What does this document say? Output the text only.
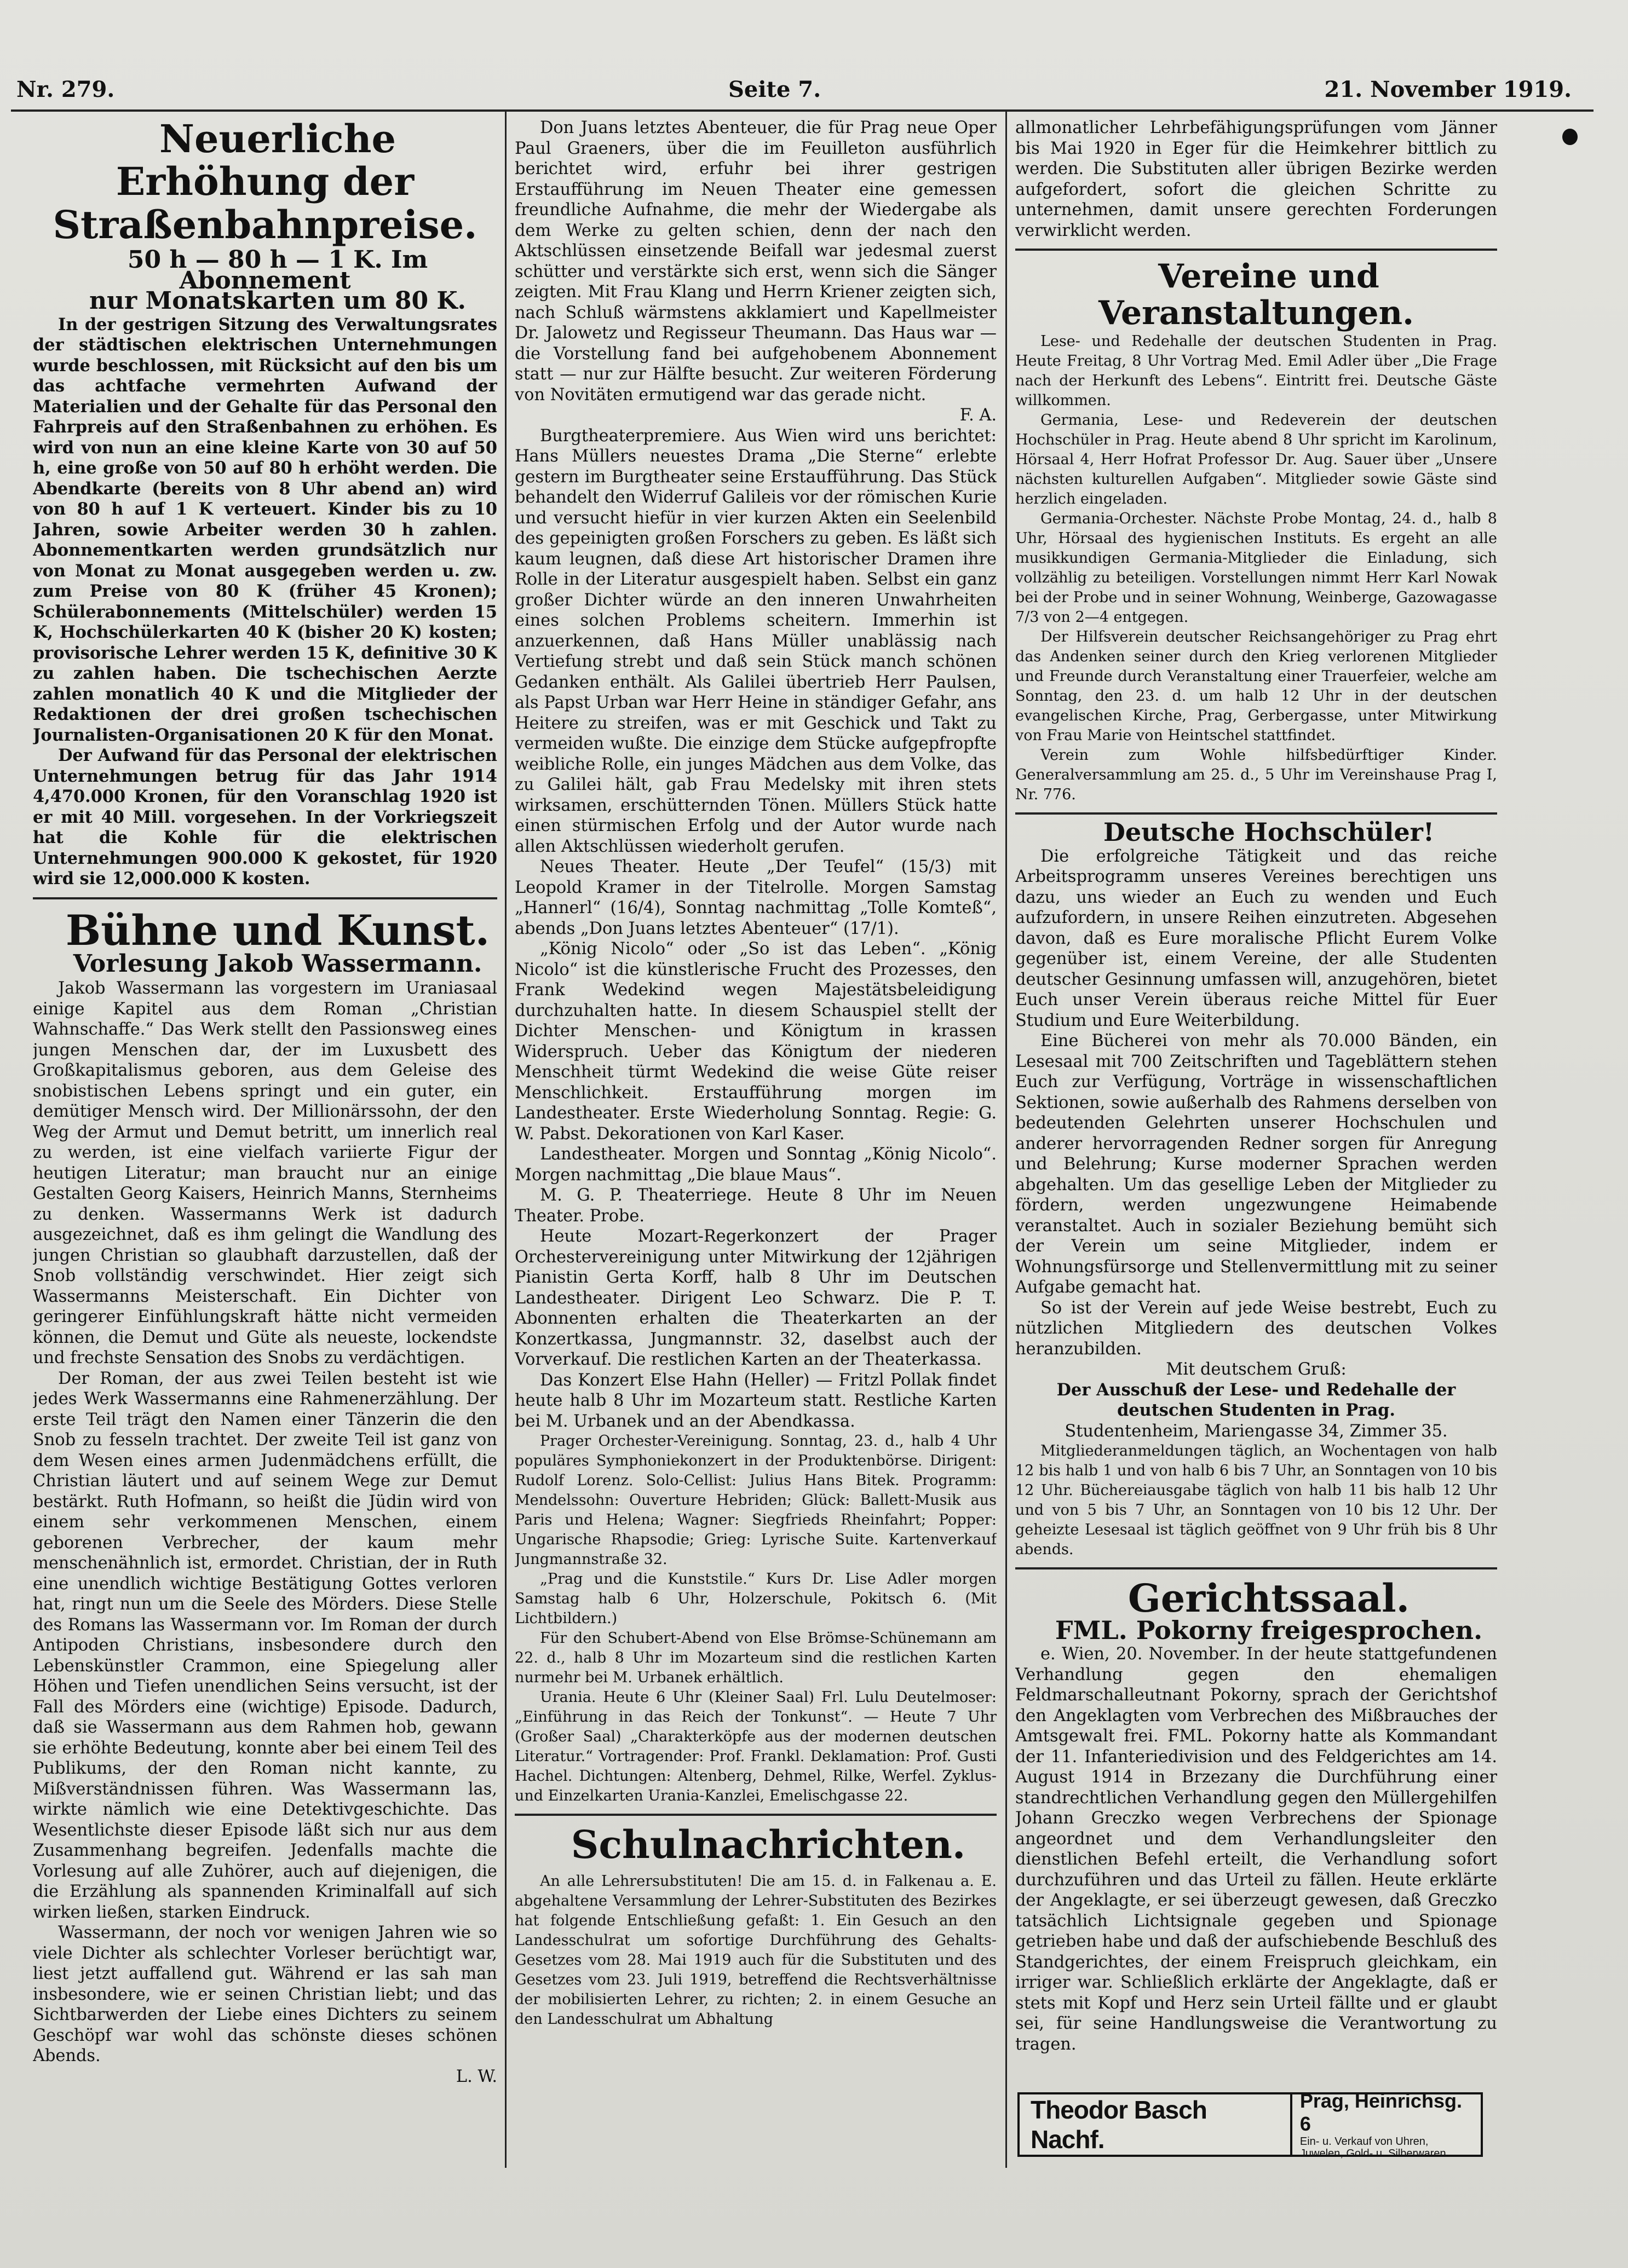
Nr. 279.	Seite 7.	21. November 1919.

Neuerliche Erhöhung der Straßenbahnpreise.

50 h — 80 h — 1 K. Im Abonnement

nur Monatskarten um 80 K.

In der gestrigen Sitzung des Verwaltungsrates der städtischen elektrischen Unternehmungen wurde beschlossen, mit Rücksicht auf den bis um das achtfache vermehrten Aufwand der Materialien und der Gehalte für das Personal den Fahrpreis auf den Straßenbahnen zu erhöhen. Es wird von nun an eine kleine Karte von 30 auf 50 h, eine große von 50 auf 80 h erhöht werden. Die Abendkarte (bereits von 8 Uhr abend an) wird von 80 h auf 1 K verteuert. Kinder bis zu 10 Jahren, sowie Arbeiter werden 30 h zahlen. Abonnementkarten werden grundsätzlich nur von Monat zu Monat ausgegeben werden u. zw. zum Preise von 80 K (früher 45 Kronen); Schülerabonnements (Mittelschüler) werden 15 K, Hochschülerkarten 40 K (bisher 20 K) kosten; provisorische Lehrer werden 15 K, definitive 30 K zu zahlen haben. Die tschechischen Aerzte zahlen monatlich 40 K und die Mitglieder der Redaktionen der drei großen tschechischen Journalisten-Organisationen 20 K für den Monat.

Der Aufwand für das Personal der elektrischen Unternehmungen betrug für das Jahr 1914 4,470.000 Kronen, für den Voranschlag 1920 ist er mit 40 Mill. vorgesehen. In der Vorkriegszeit hat die Kohle für die elektrischen Unternehmungen 900.000 K gekostet, für 1920 wird sie 12,000.000 K kosten.

Bühne und Kunst.

Vorlesung Jakob Wassermann.

Jakob Wassermann las vorgestern im Uraniasaal einige Kapitel aus dem Roman „Christian Wahnschaffe.“ Das Werk stellt den Passionsweg eines jungen Menschen dar, der im Luxusbett des Großkapitalismus geboren, aus dem Geleise des snobistischen Lebens springt und ein guter, ein demütiger Mensch wird. Der Millionärssohn, der den Weg der Armut und Demut betritt, um innerlich real zu werden, ist eine vielfach variierte Figur der heutigen Literatur; man braucht nur an einige Gestalten Georg Kaisers, Heinrich Manns, Sternheims zu denken. Wassermanns Werk ist dadurch ausgezeichnet, daß es ihm gelingt die Wandlung des jungen Christian so glaubhaft darzustellen, daß der Snob vollständig verschwindet. Hier zeigt sich Wassermanns Meisterschaft. Ein Dichter von geringerer Einfühlungskraft hätte nicht vermeiden können, die Demut und Güte als neueste, lockendste und frechste Sensation des Snobs zu verdächtigen.

Der Roman, der aus zwei Teilen besteht ist wie jedes Werk Wassermanns eine Rahmenerzählung. Der erste Teil trägt den Namen einer Tänzerin die den Snob zu fesseln trachtet. Der zweite Teil ist ganz von dem Wesen eines armen Judenmädchens erfüllt, die Christian läutert und auf seinem Wege zur Demut bestärkt. Ruth Hofmann, so heißt die Jüdin wird von einem sehr verkommenen Menschen, einem geborenen Verbrecher, der kaum mehr menschenähnlich ist, ermordet. Christian, der in Ruth eine unendlich wichtige Bestätigung Gottes verloren hat, ringt nun um die Seele des Mörders. Diese Stelle des Romans las Wassermann vor. Im Roman der durch Antipoden Christians, insbesondere durch den Lebenskünstler Crammon, eine Spiegelung aller Höhen und Tiefen unendlichen Seins versucht, ist der Fall des Mörders eine (wichtige) Episode. Dadurch, daß sie Wassermann aus dem Rahmen hob, gewann sie erhöhte Bedeutung, konnte aber bei einem Teil des Publikums, der den Roman nicht kannte, zu Mißverständnissen führen. Was Wassermann las, wirkte nämlich wie eine Detektivgeschichte. Das Wesentlichste dieser Episode läßt sich nur aus dem Zusammenhang begreifen. Jedenfalls machte die Vorlesung auf alle Zuhörer, auch auf diejenigen, die die Erzählung als spannenden Kriminalfall auf sich wirken ließen, starken Eindruck.

Wassermann, der noch vor wenigen Jahren wie so viele Dichter als schlechter Vorleser berüchtigt war, liest jetzt auffallend gut. Während er las sah man insbesondere, wie er seinen Christian liebt; und das Sichtbarwerden der Liebe eines Dichters zu seinem Geschöpf war wohl das schönste dieses schönen Abends.

L. W.

Don Juans letztes Abenteuer, die für Prag neue Oper Paul Graeners, über die im Feuilleton ausführlich berichtet wird, erfuhr bei ihrer gestrigen Erstaufführung im Neuen Theater eine gemessen freundliche Aufnahme, die mehr der Wiedergabe als dem Werke zu gelten schien, denn der nach den Aktschlüssen einsetzende Beifall war jedesmal zuerst schütter und verstärkte sich erst, wenn sich die Sänger zeigten. Mit Frau Klang und Herrn Kriener zeigten sich, nach Schluß wärmstens akklamiert und Kapellmeister Dr. Jalowetz und Regisseur Theumann. Das Haus war — die Vorstellung fand bei aufgehobenem Abonnement statt — nur zur Hälfte besucht. Zur weiteren Förderung von Novitäten ermutigend war das gerade nicht.

F. A.

Burgtheaterpremiere. Aus Wien wird uns berichtet: Hans Müllers neuestes Drama „Die Sterne“ erlebte gestern im Burgtheater seine Erstaufführung. Das Stück behandelt den Widerruf Galileis vor der römischen Kurie und versucht hiefür in vier kurzen Akten ein Seelenbild des gepeinigten großen Forschers zu geben. Es läßt sich kaum leugnen, daß diese Art historischer Dramen ihre Rolle in der Literatur ausgespielt haben. Selbst ein ganz großer Dichter würde an den inneren Unwahrheiten eines solchen Problems scheitern. Immerhin ist anzuerkennen, daß Hans Müller unablässig nach Vertiefung strebt und daß sein Stück manch schönen Gedanken enthält. Als Galilei übertrieb Herr Paulsen, als Papst Urban war Herr Heine in ständiger Gefahr, ans Heitere zu streifen, was er mit Geschick und Takt zu vermeiden wußte. Die einzige dem Stücke aufgepfropfte weibliche Rolle, ein junges Mädchen aus dem Volke, das zu Galilei hält, gab Frau Medelsky mit ihren stets wirksamen, erschütternden Tönen. Müllers Stück hatte einen stürmischen Erfolg und der Autor wurde nach allen Aktschlüssen wiederholt gerufen.

Neues Theater. Heute „Der Teufel“ (15/3) mit Leopold Kramer in der Titelrolle. Morgen Samstag „Hannerl“ (16/4), Sonntag nachmittag „Tolle Komteß“, abends „Don Juans letztes Abenteuer“ (17/1).

„König Nicolo“ oder „So ist das Leben“. „König Nicolo“ ist die künstlerische Frucht des Prozesses, den Frank Wedekind wegen Majestätsbeleidigung durchzuhalten hatte. In diesem Schauspiel stellt der Dichter Menschen- und Königtum in krassen Widerspruch. Ueber das Königtum der niederen Menschheit türmt Wedekind die weise Güte reiser Menschlichkeit. Erstaufführung morgen im Landestheater. Erste Wiederholung Sonntag. Regie: G. W. Pabst. Dekorationen von Karl Kaser.

Landestheater. Morgen und Sonntag „König Nicolo“. Morgen nachmittag „Die blaue Maus“.

M. G. P. Theaterriege. Heute 8 Uhr im Neuen Theater. Probe.

Heute Mozart-Regerkonzert der Prager Orchestervereinigung unter Mitwirkung der 12jährigen Pianistin Gerta Korff, halb 8 Uhr im Deutschen Landestheater. Dirigent Leo Schwarz. Die P. T. Abonnenten erhalten die Theaterkarten an der Konzertkassa, Jungmannstr. 32, daselbst auch der Vorverkauf. Die restlichen Karten an der Theaterkassa.

Das Konzert Else Hahn (Heller) — Fritzl Pollak findet heute halb 8 Uhr im Mozarteum statt. Restliche Karten bei M. Urbanek und an der Abendkassa.

Prager Orchester-Vereinigung. Sonntag, 23. d., halb 4 Uhr populäres Symphoniekonzert in der Produktenbörse. Dirigent: Rudolf Lorenz. Solo-Cellist: Julius Hans Bitek. Programm: Mendelssohn: Ouverture Hebriden; Glück: Ballett-Musik aus Paris und Helena; Wagner: Siegfrieds Rheinfahrt; Popper: Ungarische Rhapsodie; Grieg: Lyrische Suite. Kartenverkauf Jungmannstraße 32.

„Prag und die Kunststile.“ Kurs Dr. Lise Adler morgen Samstag halb 6 Uhr, Holzerschule, Pokitsch 6. (Mit Lichtbildern.)

Für den Schubert-Abend von Else Brömse-Schünemann am 22. d., halb 8 Uhr im Mozarteum sind die restlichen Karten nurmehr bei M. Urbanek erhältlich.

Urania. Heute 6 Uhr (Kleiner Saal) Frl. Lulu Deutelmoser: „Einführung in das Reich der Tonkunst“. — Heute 7 Uhr (Großer Saal) „Charakterköpfe aus der modernen deutschen Literatur.“ Vortragender: Prof. Frankl. Deklamation: Prof. Gusti Hachel. Dichtungen: Altenberg, Dehmel, Rilke, Werfel. Zyklus- und Einzelkarten Urania-Kanzlei, Emelischgasse 22.

Schulnachrichten.

An alle Lehrersubstituten! Die am 15. d. in Falkenau a. E. abgehaltene Versammlung der Lehrer-Substituten des Bezirkes hat folgende Entschließung gefaßt: 1. Ein Gesuch an den Landesschulrat um sofortige Durchführung des Gehalts-Gesetzes vom 28. Mai 1919 auch für die Substituten und des Gesetzes vom 23. Juli 1919, betreffend die Rechtsverhältnisse der mobilisierten Lehrer, zu richten; 2. in einem Gesuche an den Landesschulrat um Abhaltung

allmonatlicher Lehrbefähigungsprüfungen vom Jänner bis Mai 1920 in Eger für die Heimkehrer bittlich zu werden. Die Substituten aller übrigen Bezirke werden aufgefordert, sofort die gleichen Schritte zu unternehmen, damit unsere gerechten Forderungen verwirklicht werden.

Vereine und Veranstaltungen.

Lese- und Redehalle der deutschen Studenten in Prag. Heute Freitag, 8 Uhr Vortrag Med. Emil Adler über „Die Frage nach der Herkunft des Lebens“. Eintritt frei. Deutsche Gäste willkommen.

Germania, Lese- und Redeverein der deutschen Hochschüler in Prag. Heute abend 8 Uhr spricht im Karolinum, Hörsaal 4, Herr Hofrat Professor Dr. Aug. Sauer über „Unsere nächsten kulturellen Aufgaben“. Mitglieder sowie Gäste sind herzlich eingeladen.

Germania-Orchester. Nächste Probe Montag, 24. d., halb 8 Uhr, Hörsaal des hygienischen Instituts. Es ergeht an alle musikkundigen Germania-Mitglieder die Einladung, sich vollzählig zu beteiligen. Vorstellungen nimmt Herr Karl Nowak bei der Probe und in seiner Wohnung, Weinberge, Gazowagasse 7/3 von 2—4 entgegen.

Der Hilfsverein deutscher Reichsangehöriger zu Prag ehrt das Andenken seiner durch den Krieg verlorenen Mitglieder und Freunde durch Veranstaltung einer Trauerfeier, welche am Sonntag, den 23. d. um halb 12 Uhr in der deutschen evangelischen Kirche, Prag, Gerbergasse, unter Mitwirkung von Frau Marie von Heintschel stattfindet.

Verein zum Wohle hilfsbedürftiger Kinder. Generalversammlung am 25. d., 5 Uhr im Vereinshause Prag I, Nr. 776.

Deutsche Hochschüler!

Die erfolgreiche Tätigkeit und das reiche Arbeitsprogramm unseres Vereines berechtigen uns dazu, uns wieder an Euch zu wenden und Euch aufzufordern, in unsere Reihen einzutreten. Abgesehen davon, daß es Eure moralische Pflicht Eurem Volke gegenüber ist, einem Vereine, der alle Studenten deutscher Gesinnung umfassen will, anzugehören, bietet Euch unser Verein überaus reiche Mittel für Euer Studium und Eure Weiterbildung.

Eine Bücherei von mehr als 70.000 Bänden, ein Lesesaal mit 700 Zeitschriften und Tageblättern stehen Euch zur Verfügung, Vorträge in wissenschaftlichen Sektionen, sowie außerhalb des Rahmens derselben von bedeutenden Gelehrten unserer Hochschulen und anderer hervorragenden Redner sorgen für Anregung und Belehrung; Kurse moderner Sprachen werden abgehalten. Um das gesellige Leben der Mitglieder zu fördern, werden ungezwungene Heimabende veranstaltet. Auch in sozialer Beziehung bemüht sich der Verein um seine Mitglieder, indem er Wohnungsfürsorge und Stellenvermittlung mit zu seiner Aufgabe gemacht hat.

So ist der Verein auf jede Weise bestrebt, Euch zu nützlichen Mitgliedern des deutschen Volkes heranzubilden.

Mit deutschem Gruß:

Der Ausschuß der Lese- und Redehalle der deutschen Studenten in Prag.

Studentenheim, Mariengasse 34, Zimmer 35.

Mitgliederanmeldungen täglich, an Wochentagen von halb 12 bis halb 1 und von halb 6 bis 7 Uhr, an Sonntagen von 10 bis 12 Uhr. Büchereiausgabe täglich von halb 11 bis halb 12 Uhr und von 5 bis 7 Uhr, an Sonntagen von 10 bis 12 Uhr. Der geheizte Lesesaal ist täglich geöffnet von 9 Uhr früh bis 8 Uhr abends.

Gerichtssaal.

FML. Pokorny freigesprochen.

e. Wien, 20. November. In der heute stattgefundenen Verhandlung gegen den ehemaligen Feldmarschalleutnant Pokorny, sprach der Gerichtshof den Angeklagten vom Verbrechen des Mißbrauches der Amtsgewalt frei. FML. Pokorny hatte als Kommandant der 11. Infanteriedivision und des Feldgerichtes am 14. August 1914 in Brzezany die Durchführung einer standrechtlichen Verhandlung gegen den Müllergehilfen Johann Greczko wegen Verbrechens der Spionage angeordnet und dem Verhandlungsleiter den dienstlichen Befehl erteilt, die Verhandlung sofort durchzuführen und das Urteil zu fällen. Heute erklärte der Angeklagte, er sei überzeugt gewesen, daß Greczko tatsächlich Lichtsignale gegeben und Spionage getrieben habe und daß der aufschiebende Beschluß des Standgerichtes, der einem Freispruch gleichkam, ein irriger war. Schließlich erklärte der Angeklagte, daß er stets mit Kopf und Herz sein Urteil fällte und er glaubt sei, für seine Handlungsweise die Verantwortung zu tragen.

Theodor Basch Nachf.
Prag, Heinrichsg. 6
Ein- u. Verkauf von Uhren,
Juwelen, Gold- u. Silberwaren.
